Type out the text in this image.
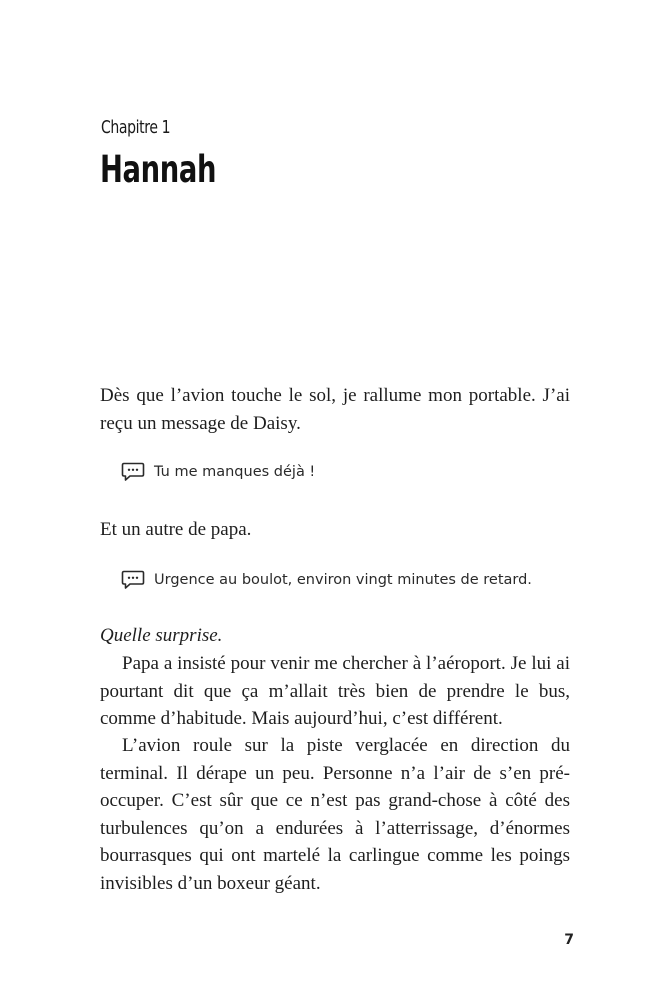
Chapitre 1
Hannah

Dès que l’avion touche le sol, je rallume mon portable. J’ai reçu un message de Daisy.

Tu me manques déjà !

Et un autre de papa.

Urgence au boulot, environ vingt minutes de retard.

Quelle surprise.

Papa a insisté pour venir me chercher à l’aéroport. Je lui ai pourtant dit que ça m’allait très bien de prendre le bus, comme d’habitude. Mais aujourd’hui, c’est différent.

L’avion roule sur la piste verglacée en direction du terminal. Il dérape un peu. Personne n’a l’air de s’en pré-occuper. C’est sûr que ce n’est pas grand-chose à côté des turbulences qu’on a endurées à l’atterrissage, d’énormes bourrasques qui ont martelé la carlingue comme les poings invisibles d’un boxeur géant.

7
